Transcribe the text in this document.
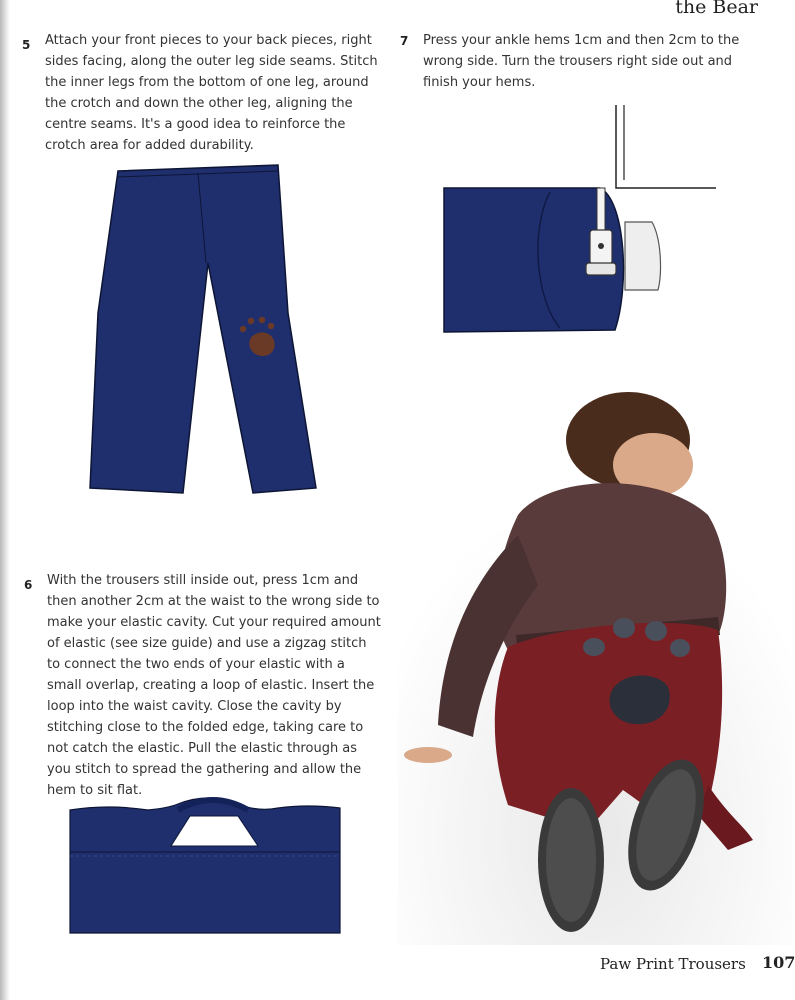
the Bear
5 Attach your front pieces to your back pieces, right sides facing, along the outer leg side seams. Stitch the inner legs from the bottom of one leg, around the crotch and down the other leg, aligning the centre seams. It's a good idea to reinforce the crotch area for added durability.

7 Press your ankle hems 1cm and then 2cm to the wrong side. Turn the trousers right side out and finish your hems.

6 With the trousers still inside out, press 1cm and then another 2cm at the waist to the wrong side to make your elastic cavity. Cut your required amount of elastic (see size guide) and use a zigzag stitch to connect the two ends of your elastic with a small overlap, creating a loop of elastic. Insert the loop into the waist cavity. Close the cavity by stitching close to the folded edge, taking care to not catch the elastic. Pull the elastic through as you stitch to spread the gathering and allow the hem to sit flat.

Paw Print Trousers 107
